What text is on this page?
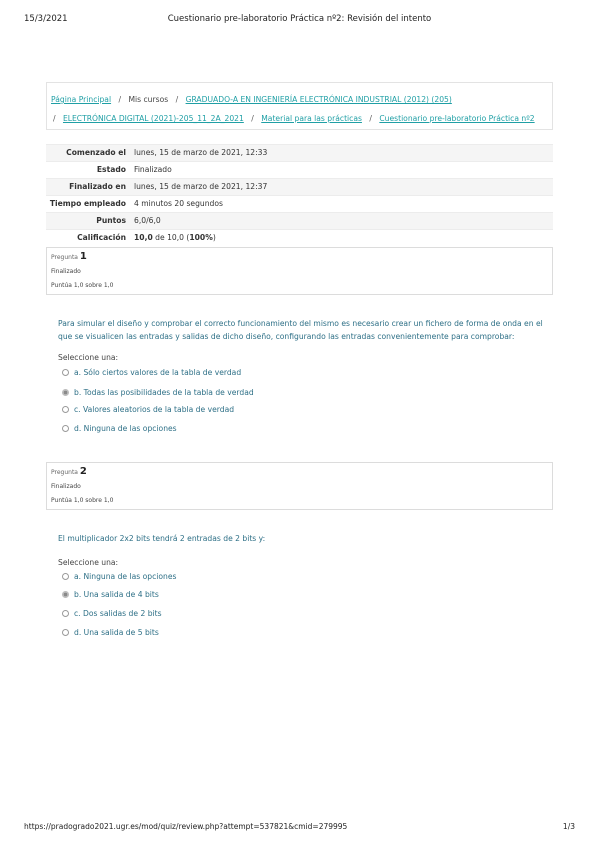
15/3/2021	Cuestionario pre-laboratorio Práctica nº2: Revisión del intento
Página Principal / Mis cursos / GRADUADO-A EN INGENIERÍA ELECTRÓNICA INDUSTRIAL (2012) (205)
/ ELECTRÓNICA DIGITAL (2021)-205_11_2A_2021 / Material para las prácticas / Cuestionario pre-laboratorio Práctica nº2
Comenzado el	lunes, 15 de marzo de 2021, 12:33
Estado	Finalizado
Finalizado en	lunes, 15 de marzo de 2021, 12:37
Tiempo empleado	4 minutos 20 segundos
Puntos	6,0/6,0
Calificación	10,0 de 10,0 (100%)
Pregunta 1
Finalizado
Puntúa 1,0 sobre 1,0
Para simular el diseño y comprobar el correcto funcionamiento del mismo es necesario crear un fichero de forma de onda en el que se visualicen las entradas y salidas de dicho diseño, configurando las entradas convenientemente para comprobar:
Seleccione una:
a. Sólo ciertos valores de la tabla de verdad
b. Todas las posibilidades de la tabla de verdad
c. Valores aleatorios de la tabla de verdad
d. Ninguna de las opciones
Pregunta 2
Finalizado
Puntúa 1,0 sobre 1,0
El multiplicador 2x2 bits tendrá 2 entradas de 2 bits y:
Seleccione una:
a. Ninguna de las opciones
b. Una salida de 4 bits
c. Dos salidas de 2 bits
d. Una salida de 5 bits
https://pradogrado2021.ugr.es/mod/quiz/review.php?attempt=537821&cmid=279995	1/3
